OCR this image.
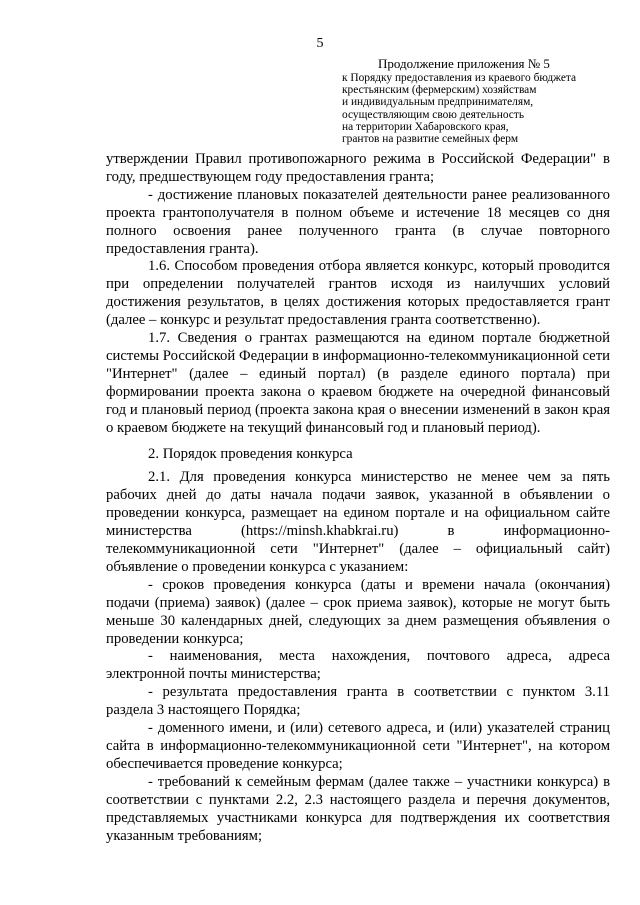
5
Продолжение приложения № 5
к Порядку предоставления из краевого бюджета
крестьянским (фермерским) хозяйствам
и индивидуальным предпринимателям,
осуществляющим свою деятельность
на территории Хабаровского края,
грантов на развитие семейных ферм

утверждении Правил противопожарного режима в Российской Федерации" в году, предшествующем году предоставления гранта;

- достижение плановых показателей деятельности ранее реализованного проекта грантополучателя в полном объеме и истечение 18 месяцев со дня полного освоения ранее полученного гранта (в случае повторного предоставления гранта).

1.6. Способом проведения отбора является конкурс, который проводится при определении получателей грантов исходя из наилучших условий достижения результатов, в целях достижения которых предоставляется грант (далее – конкурс и результат предоставления гранта соответственно).

1.7. Сведения о грантах размещаются на едином портале бюджетной системы Российской Федерации в информационно-телекоммуникационной сети "Интернет" (далее – единый портал) (в разделе единого портала) при формировании проекта закона о краевом бюджете на очередной финансовый год и плановый период (проекта закона края о внесении изменений в закон края о краевом бюджете на текущий финансовый год и плановый период).

2. Порядок проведения конкурса

2.1. Для проведения конкурса министерство не менее чем за пять рабочих дней до даты начала подачи заявок, указанной в объявлении о проведении конкурса, размещает на едином портале и на официальном сайте министерства (https://minsh.khabkrai.ru) в информационно-телекоммуникационной сети "Интернет" (далее – официальный сайт) объявление о проведении конкурса с указанием:

- сроков проведения конкурса (даты и времени начала (окончания) подачи (приема) заявок) (далее – срок приема заявок), которые не могут быть меньше 30 календарных дней, следующих за днем размещения объявления о проведении конкурса;

- наименования, места нахождения, почтового адреса, адреса электронной почты министерства;

- результата предоставления гранта в соответствии с пунктом 3.11 раздела 3 настоящего Порядка;

- доменного имени, и (или) сетевого адреса, и (или) указателей страниц сайта в информационно-телекоммуникационной сети "Интернет", на котором обеспечивается проведение конкурса;

- требований к семейным фермам (далее также – участники конкурса) в соответствии с пунктами 2.2, 2.3 настоящего раздела и перечня документов, представляемых участниками конкурса для подтверждения их соответствия указанным требованиям;
